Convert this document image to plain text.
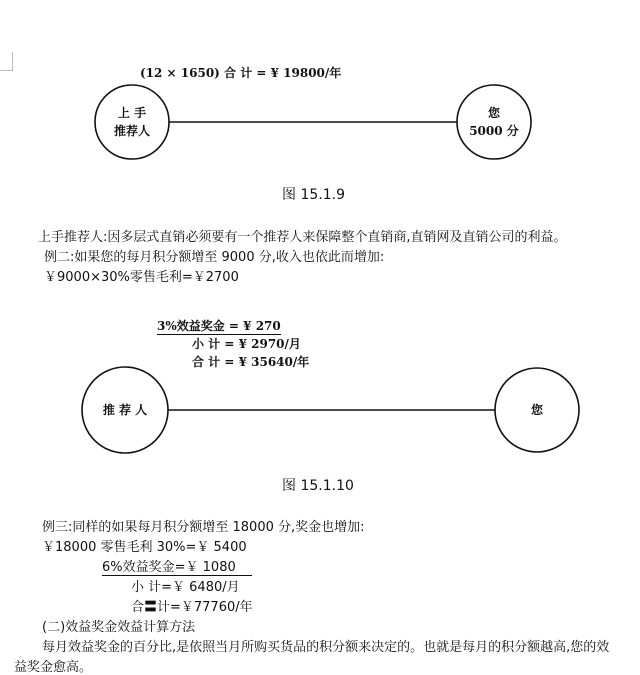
(12 × 1650) 合 计 = ¥ 19800/年
上 手
推荐人
您
5000 分
图 15.1.9
上手推荐人:因多层式直销必须要有一个推荐人来保障整个直销商,直销网及直销公司的利益。
例二:如果您的每月积分额增至 9000 分,收入也依此而增加:
￥9000×30%零售毛利=￥2700
3%效益奖金 = ¥ 270
小 计 = ¥ 2970/月
合 计 = ¥ 35640/年
推 荐 人	您
图 15.1.10
例三:同样的如果每月积分额增至 18000 分,奖金也增加:
￥18000 零售毛利 30%=￥ 5400
6%效益奖金=￥ 1080
小 计=￥ 6480/月
合〓计=￥77760/年
(二)效益奖金效益计算方法
每月效益奖金的百分比,是依照当月所购买货品的积分额来决定的。也就是每月的积分额越高,您的效
益奖金愈高。
